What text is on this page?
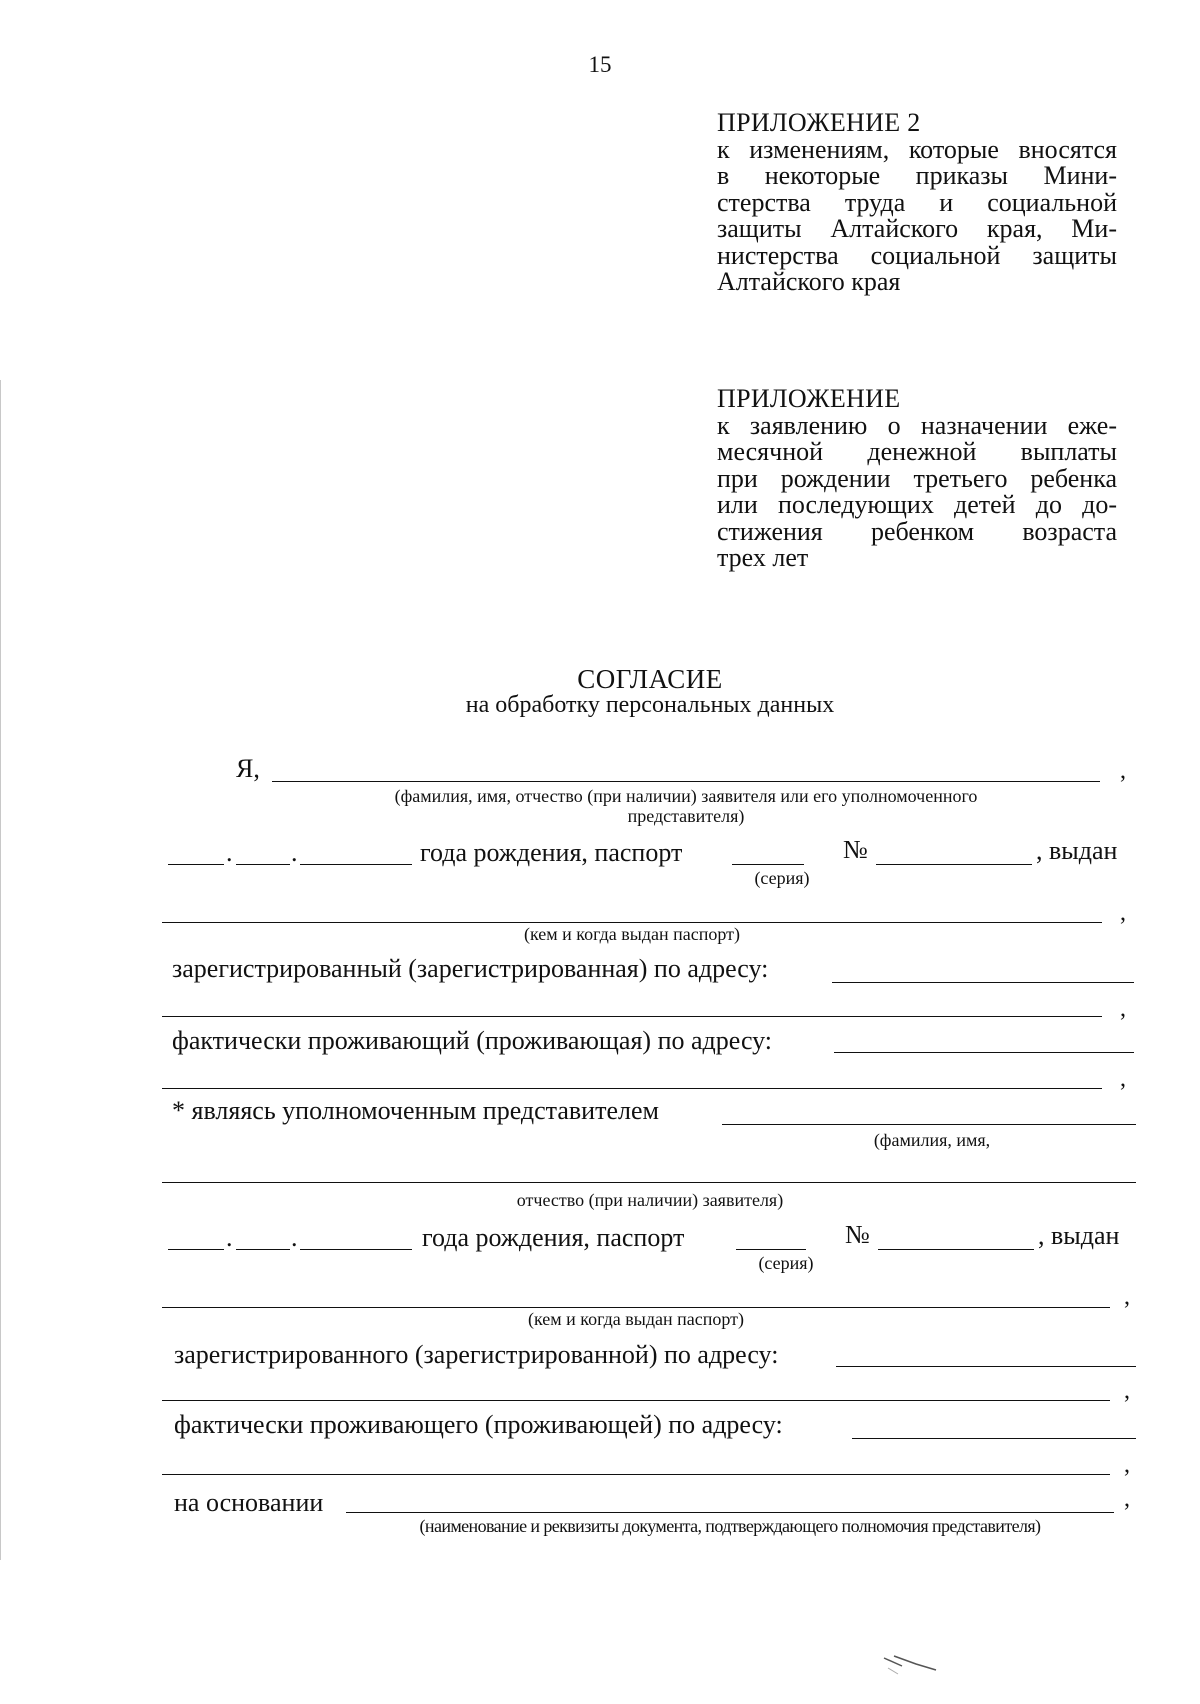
15
ПРИЛОЖЕНИЕ 2
к изменениям, которые вносятся
в некоторые приказы Мини-
стерства труда и социальной
защиты Алтайского края, Ми-
нистерства социальной защиты
Алтайского края
ПРИЛОЖЕНИЕ
к заявлению о назначении еже-
месячной денежной выплаты
при рождении третьего ребенка
или последующих детей до до-
стижения ребенком возраста
трех лет
СОГЛАСИЕ
на обработку персональных данных
Я,	,
(фамилия, имя, отчество (при наличии) заявителя или его уполномоченного
представителя)
. .	года рождения, паспорт	№	, выдан
(серия)
,
(кем и когда выдан паспорт)
зарегистрированный (зарегистрированная) по адресу:
,
фактически проживающий (проживающая) по адресу:
,
* являясь уполномоченным представителем
(фамилия, имя,
отчество (при наличии) заявителя)
. .	года рождения, паспорт	№	, выдан
(серия)
,
(кем и когда выдан паспорт)
зарегистрированного (зарегистрированной) по адресу:
,
фактически проживающего (проживающей) по адресу:
,
на основании	,
(наименование и реквизиты документа, подтверждающего полномочия представителя)
